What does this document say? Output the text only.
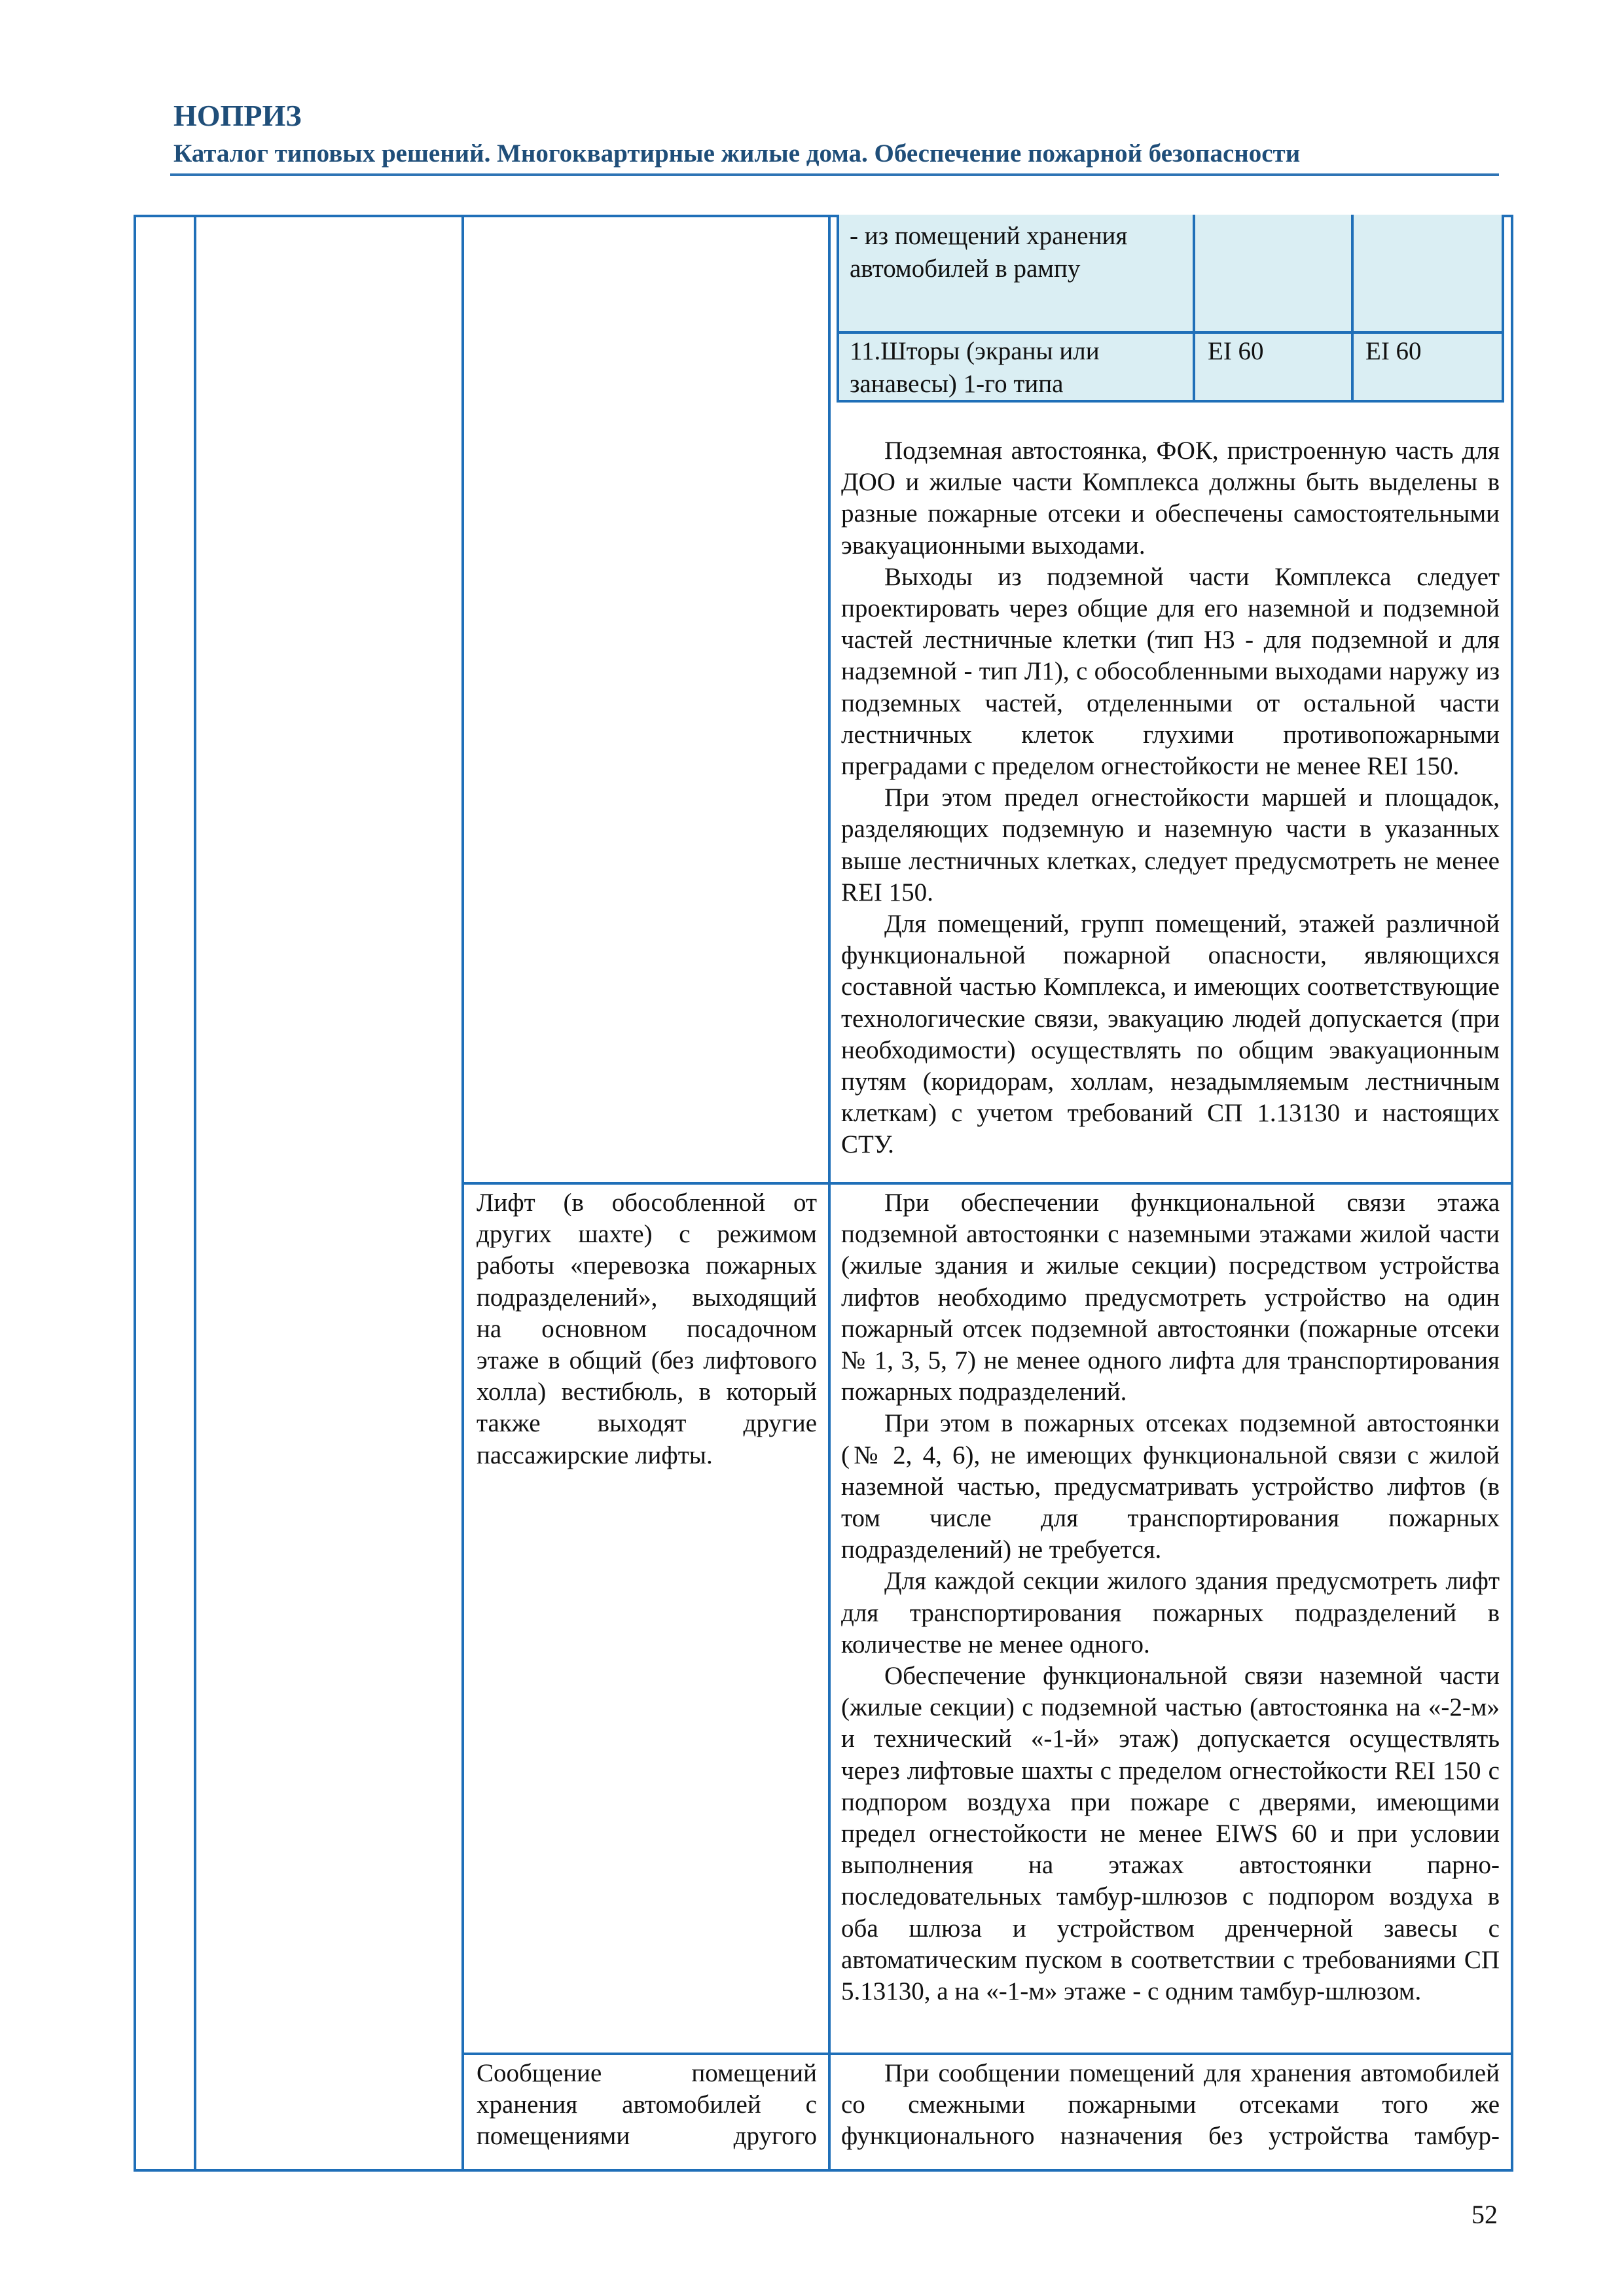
НОПРИЗ
Каталог типовых решений. Многоквартирные жилые дома. Обеспечение пожарной безопасности
- из помещений хранения автомобилей в рампу
11.Шторы (экраны или занавесы) 1-го типа
EI 60	EI 60

Подземная автостоянка, ФОК, пристроенную часть для ДОО и жилые части Комплекса должны быть выделены в разные пожарные отсеки и обеспечены самостоятельными эвакуационными выходами.

Выходы из подземной части Комплекса следует проектировать через общие для его наземной и подземной частей лестничные клетки (тип Н3 - для подземной и для надземной - тип Л1), с обособленными выходами наружу из подземных частей, отделенными от остальной части лестничных клеток глухими противопожарными преградами с пределом огнестойкости не менее REI 150.

При этом предел огнестойкости маршей и площадок, разделяющих подземную и наземную части в указанных выше лестничных клетках, следует предусмотреть не менее REI 150.

Для помещений, групп помещений, этажей различной функциональной пожарной опасности, являющихся составной частью Комплекса, и имеющих соответствующие технологические связи, эвакуацию людей допускается (при необходимости) осуществлять по общим эвакуационным путям (коридорам, холлам, незадымляемым лестничным клеткам) с учетом требований СП 1.13130 и настоящих СТУ.

Лифт (в обособленной от других шахте) с режимом работы «перевозка пожарных подразделений», выходящий на основном посадочном этаже в общий (без лифтового холла) вестибюль, в который также выходят другие пассажирские лифты.

При обеспечении функциональной связи этажа подземной автостоянки с наземными этажами жилой части (жилые здания и жилые секции) посредством устройства лифтов необходимо предусмотреть устройство на один пожарный отсек подземной автостоянки (пожарные отсеки № 1, 3, 5, 7) не менее одного лифта для транспортирования пожарных подразделений.

При этом в пожарных отсеках подземной автостоянки (№ 2, 4, 6), не имеющих функциональной связи с жилой наземной частью, предусматривать устройство лифтов (в том числе для транспортирования пожарных подразделений) не требуется.

Для каждой секции жилого здания предусмотреть лифт для транспортирования пожарных подразделений в количестве не менее одного.

Обеспечение функциональной связи наземной части (жилые секции) с подземной частью (автостоянка на «-2-м» и технический «-1-й» этаж) допускается осуществлять через лифтовые шахты с пределом огнестойкости REI 150 с подпором воздуха при пожаре с дверями, имеющими предел огнестойкости не менее EIWS 60 и при условии выполнения на этажах автостоянки парно-последовательных тамбур-шлюзов с подпором воздуха в оба шлюза и устройством дренчерной завесы с автоматическим пуском в соответствии с требованиями СП 5.13130, а на «-1-м» этаже - с одним тамбур-шлюзом.

Сообщение помещений хранения автомобилей с помещениями другого

При сообщении помещений для хранения автомобилей со смежными пожарными отсеками того же функционального назначения без устройства тамбур-

52
